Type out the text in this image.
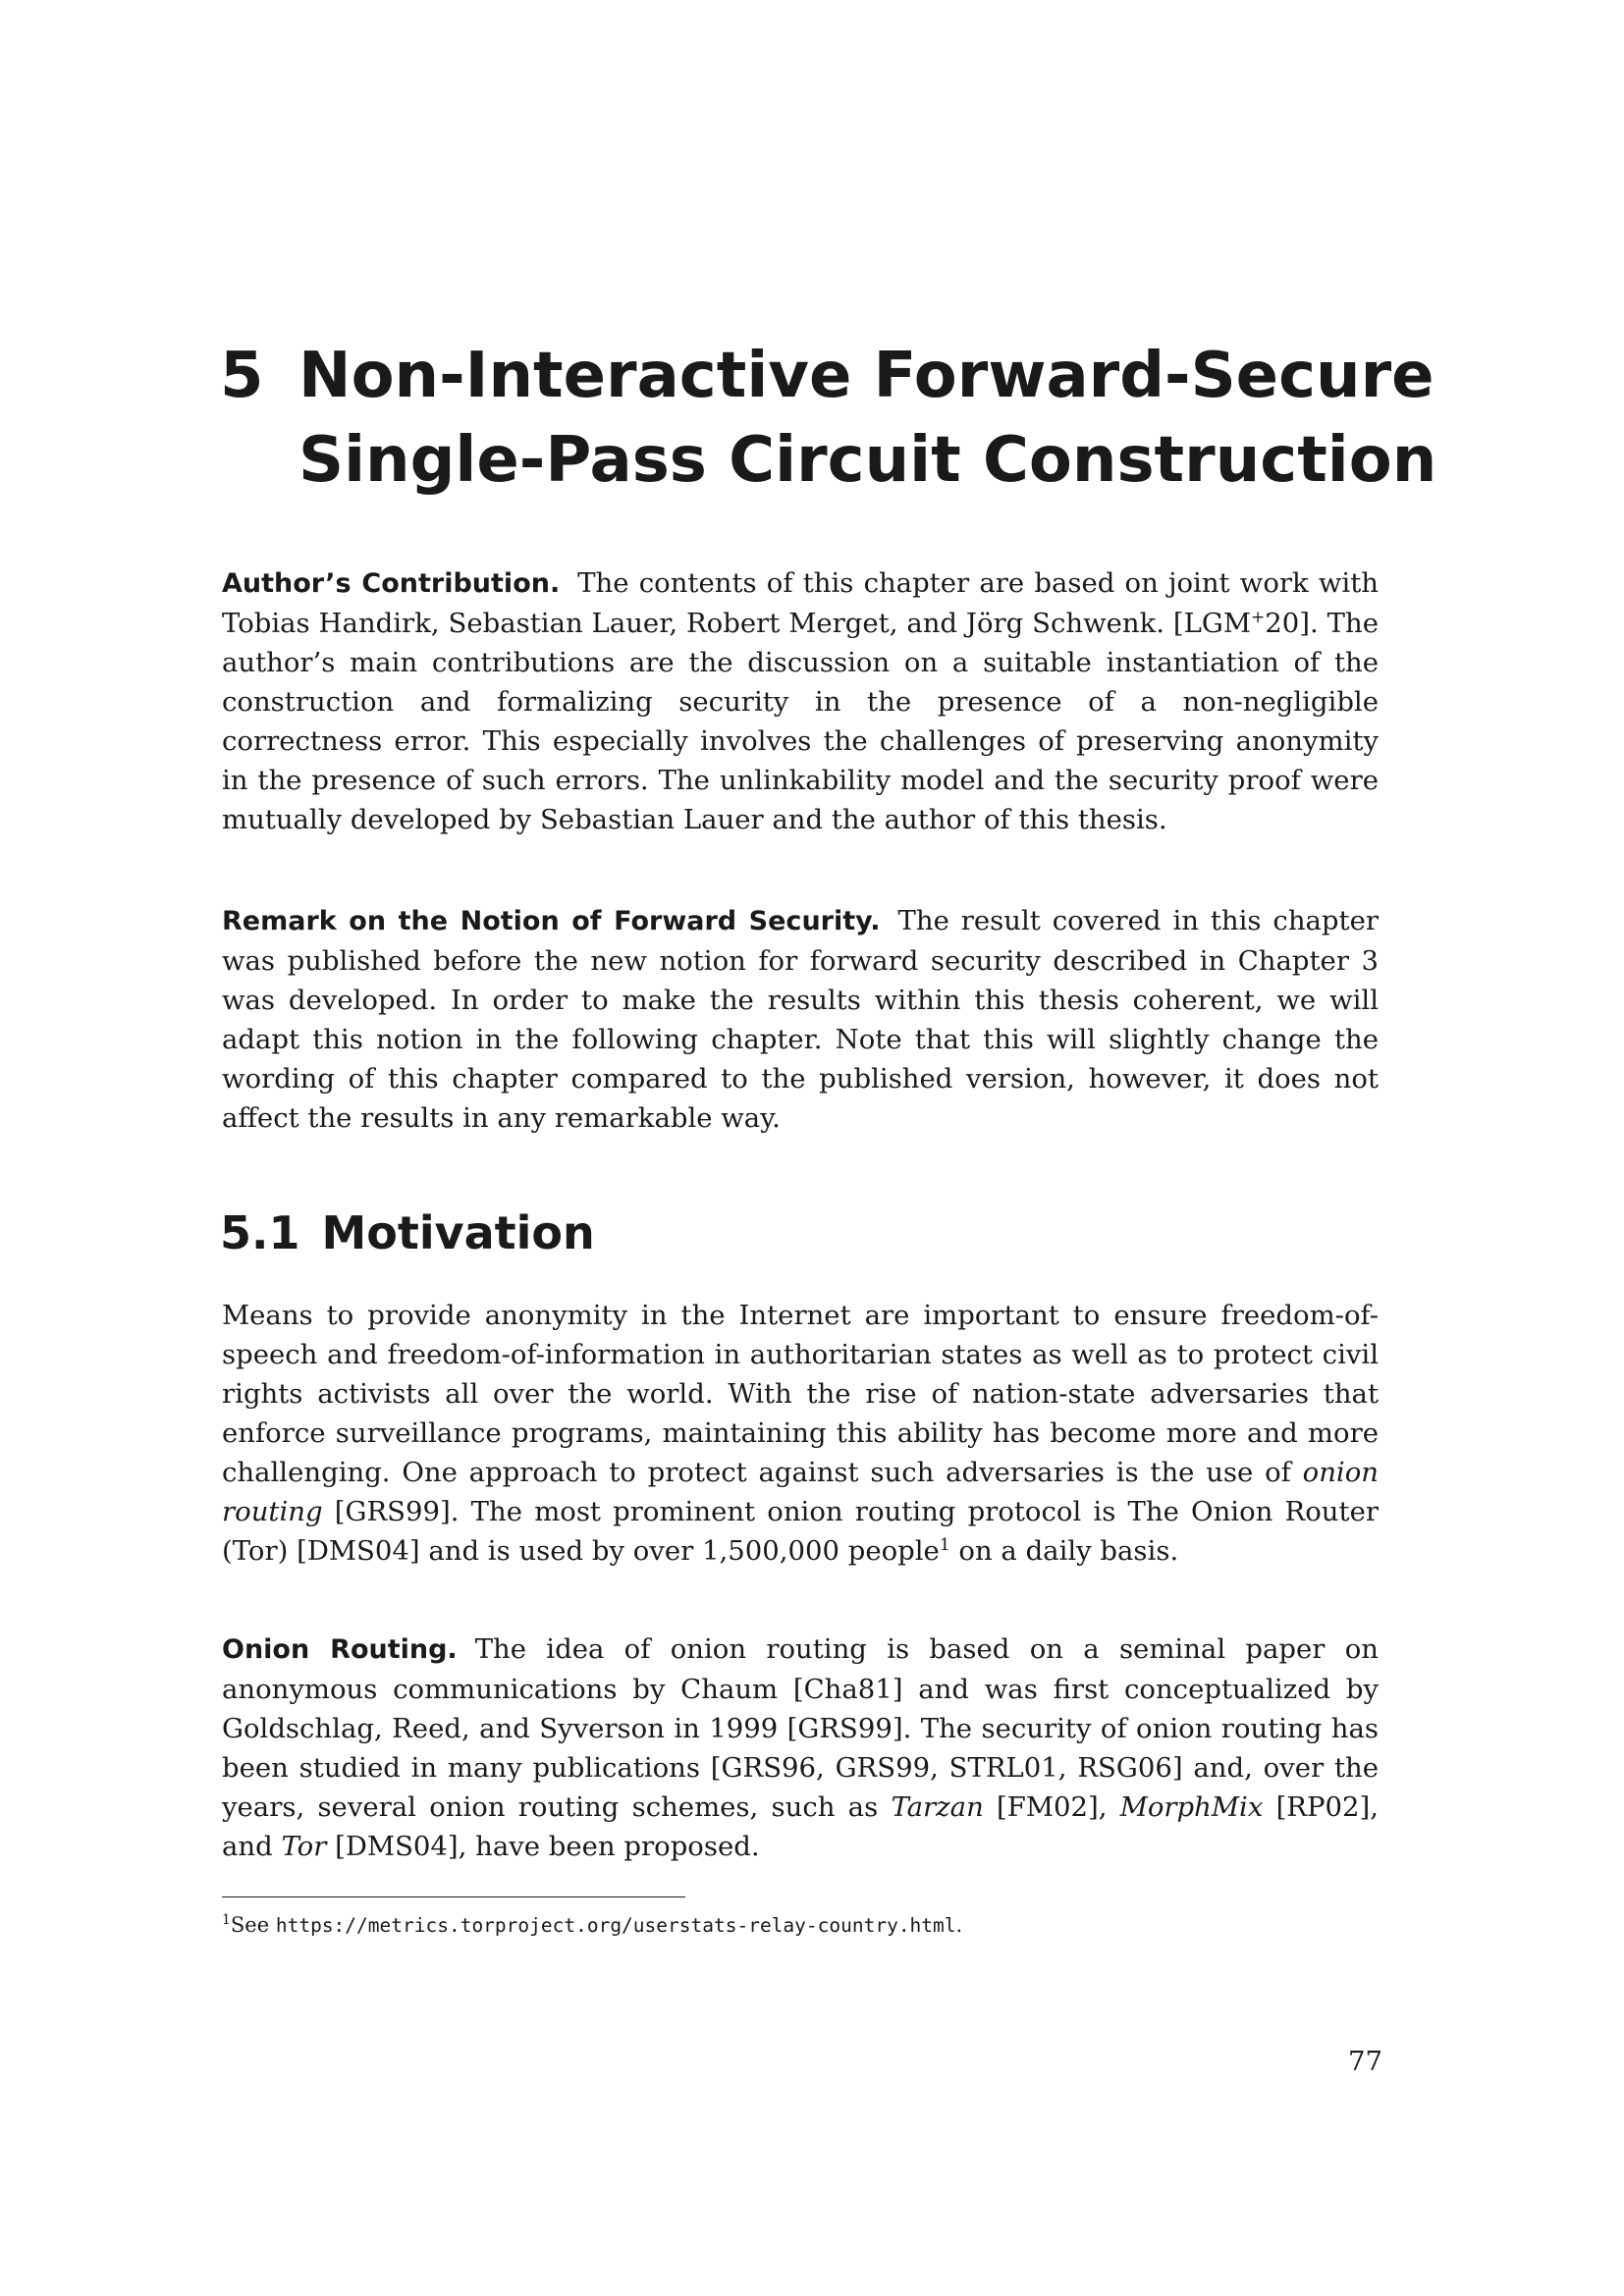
5 Non-Interactive Forward-Secure
Single-Pass Circuit Construction

Author’s Contribution. The contents of this chapter are based on joint work with Tobias Handirk, Sebastian Lauer, Robert Merget, and Jörg Schwenk. [LGM+20]. The author’s main contributions are the discussion on a suitable instantiation of the construction and formalizing security in the presence of a non-negligible correctness error. This especially involves the challenges of preserving anonymity in the presence of such errors. The unlinkability model and the security proof were mutually developed by Sebastian Lauer and the author of this thesis.

Remark on the Notion of Forward Security. The result covered in this chapter was published before the new notion for forward security described in Chapter 3 was developed. In order to make the results within this thesis coherent, we will adapt this notion in the following chapter. Note that this will slightly change the wording of this chapter compared to the published version, however, it does not affect the results in any remarkable way.

5.1 Motivation

Means to provide anonymity in the Internet are important to ensure freedom-of-speech and freedom-of-information in authoritarian states as well as to protect civil rights activists all over the world. With the rise of nation-state adversaries that enforce surveillance programs, maintaining this ability has become more and more challenging. One approach to protect against such adversaries is the use of onion routing [GRS99]. The most prominent onion routing protocol is The Onion Router (Tor) [DMS04] and is used by over 1,500,000 people$^1$ on a daily basis.

Onion Routing. The idea of onion routing is based on a seminal paper on anonymous communications by Chaum [Cha81] and was first conceptualized by Goldschlag, Reed, and Syverson in 1999 [GRS99]. The security of onion routing has been studied in many publications [GRS96, GRS99, STRL01, RSG06] and, over the years, several onion routing schemes, such as Tarzan [FM02], MorphMix [RP02], and Tor [DMS04], have been proposed.

$^1$See https://metrics.torproject.org/userstats-relay-country.html.
77
